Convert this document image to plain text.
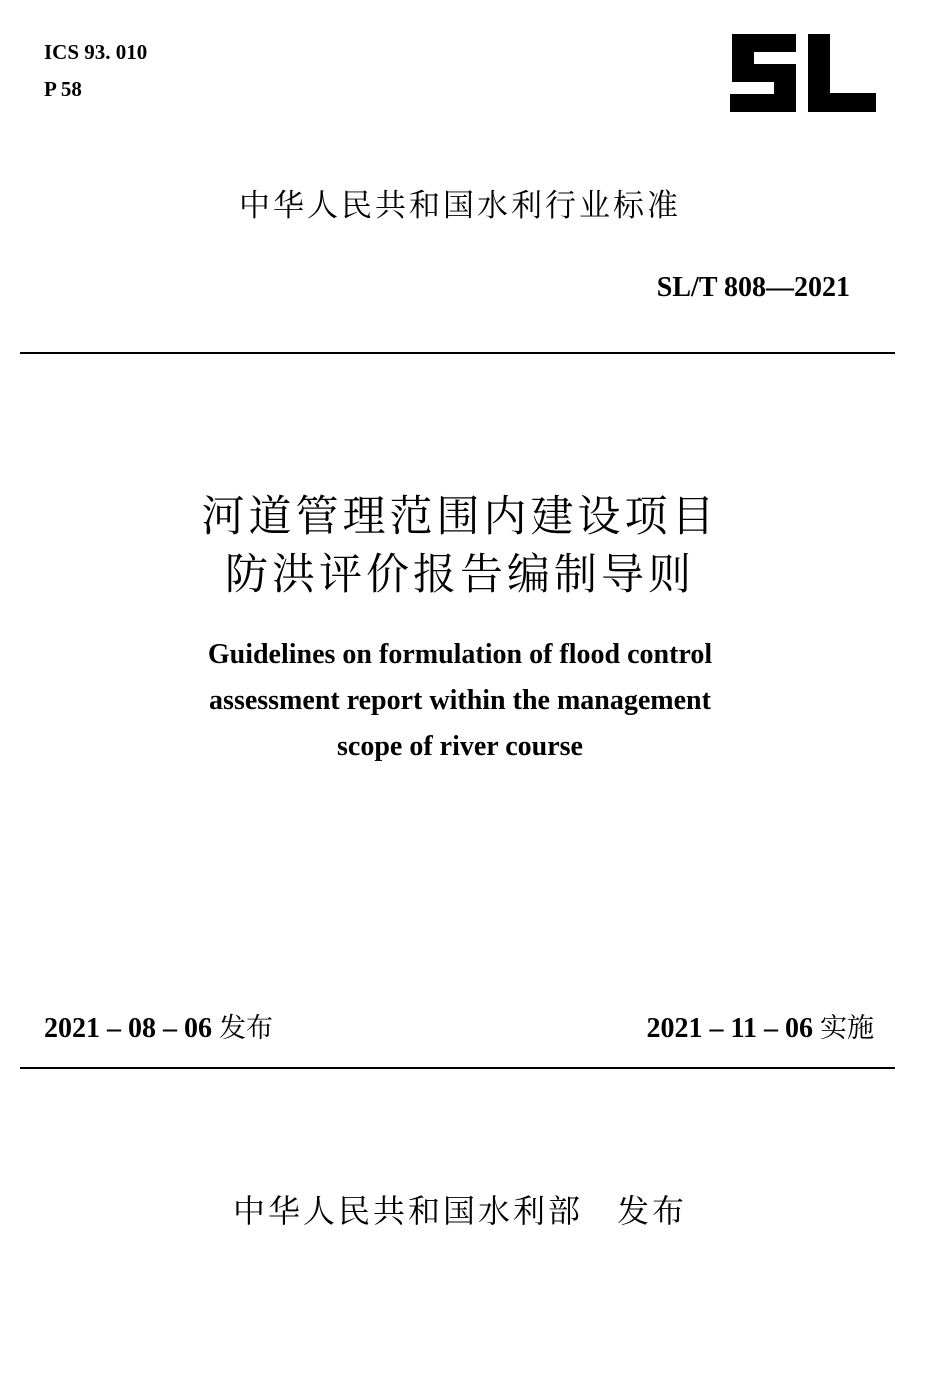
ICS 93. 010
P 58
中华人民共和国水利行业标准
SL/T 808—2021
河道管理范围内建设项目
防洪评价报告编制导则
Guidelines on formulation of flood control
assessment report within the management
scope of river course
2021 – 08 – 06 发布	2021 – 11 – 06 实施
中华人民共和国水利部 发布
